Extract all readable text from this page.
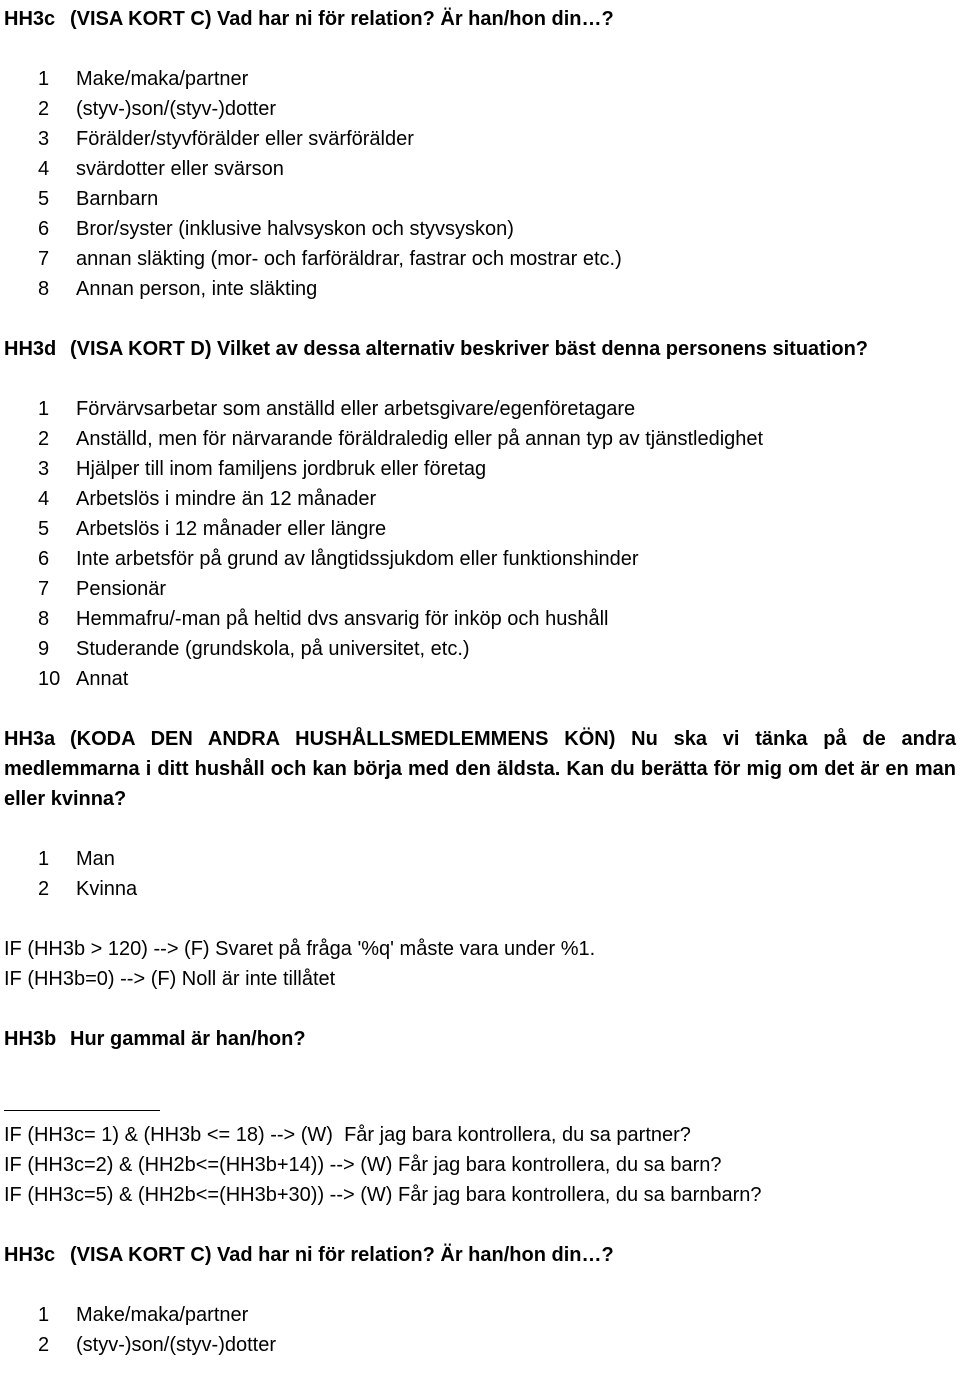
HH3c (VISA KORT C) Vad har ni för relation? Är han/hon din…?
1	Make/maka/partner
2	(styv-)son/(styv-)dotter
3	Förälder/styvförälder eller svärförälder
4	svärdotter eller svärson
5	Barnbarn
6	Bror/syster (inklusive halvsyskon och styvsyskon)
7	annan släkting (mor- och farföräldrar, fastrar och mostrar etc.)
8	Annan person, inte släkting
HH3d (VISA KORT D) Vilket av dessa alternativ beskriver bäst denna personens situation?
1	Förvärvsarbetar som anställd eller arbetsgivare/egenföretagare
2	Anställd, men för närvarande föräldraledig eller på annan typ av tjänstledighet
3	Hjälper till inom familjens jordbruk eller företag
4	Arbetslös i mindre än 12 månader
5	Arbetslös i 12 månader eller längre
6	Inte arbetsför på grund av långtidssjukdom eller funktionshinder
7	Pensionär
8	Hemmafru/-man på heltid dvs ansvarig för inköp och hushåll
9	Studerande (grundskola, på universitet, etc.)
10 Annat
HH3a (KODA DEN ANDRA HUSHÅLLSMEDLEMMENS KÖN) Nu ska vi tänka på de andra medlemmarna i ditt hushåll och kan börja med den äldsta. Kan du berätta för mig om det är en man eller kvinna?
1	Man
2	Kvinna
IF (HH3b > 120) --> (F) Svaret på fråga '%q' måste vara under %1.
IF (HH3b=0) --> (F) Noll är inte tillåtet
HH3b Hur gammal är han/hon?
IF (HH3c= 1) & (HH3b <= 18) --> (W)  Får jag bara kontrollera, du sa partner?
IF (HH3c=2) & (HH2b<=(HH3b+14)) --> (W) Får jag bara kontrollera, du sa barn?
IF (HH3c=5) & (HH2b<=(HH3b+30)) --> (W) Får jag bara kontrollera, du sa barnbarn?
HH3c (VISA KORT C) Vad har ni för relation? Är han/hon din…?
1	Make/maka/partner
2	(styv-)son/(styv-)dotter
